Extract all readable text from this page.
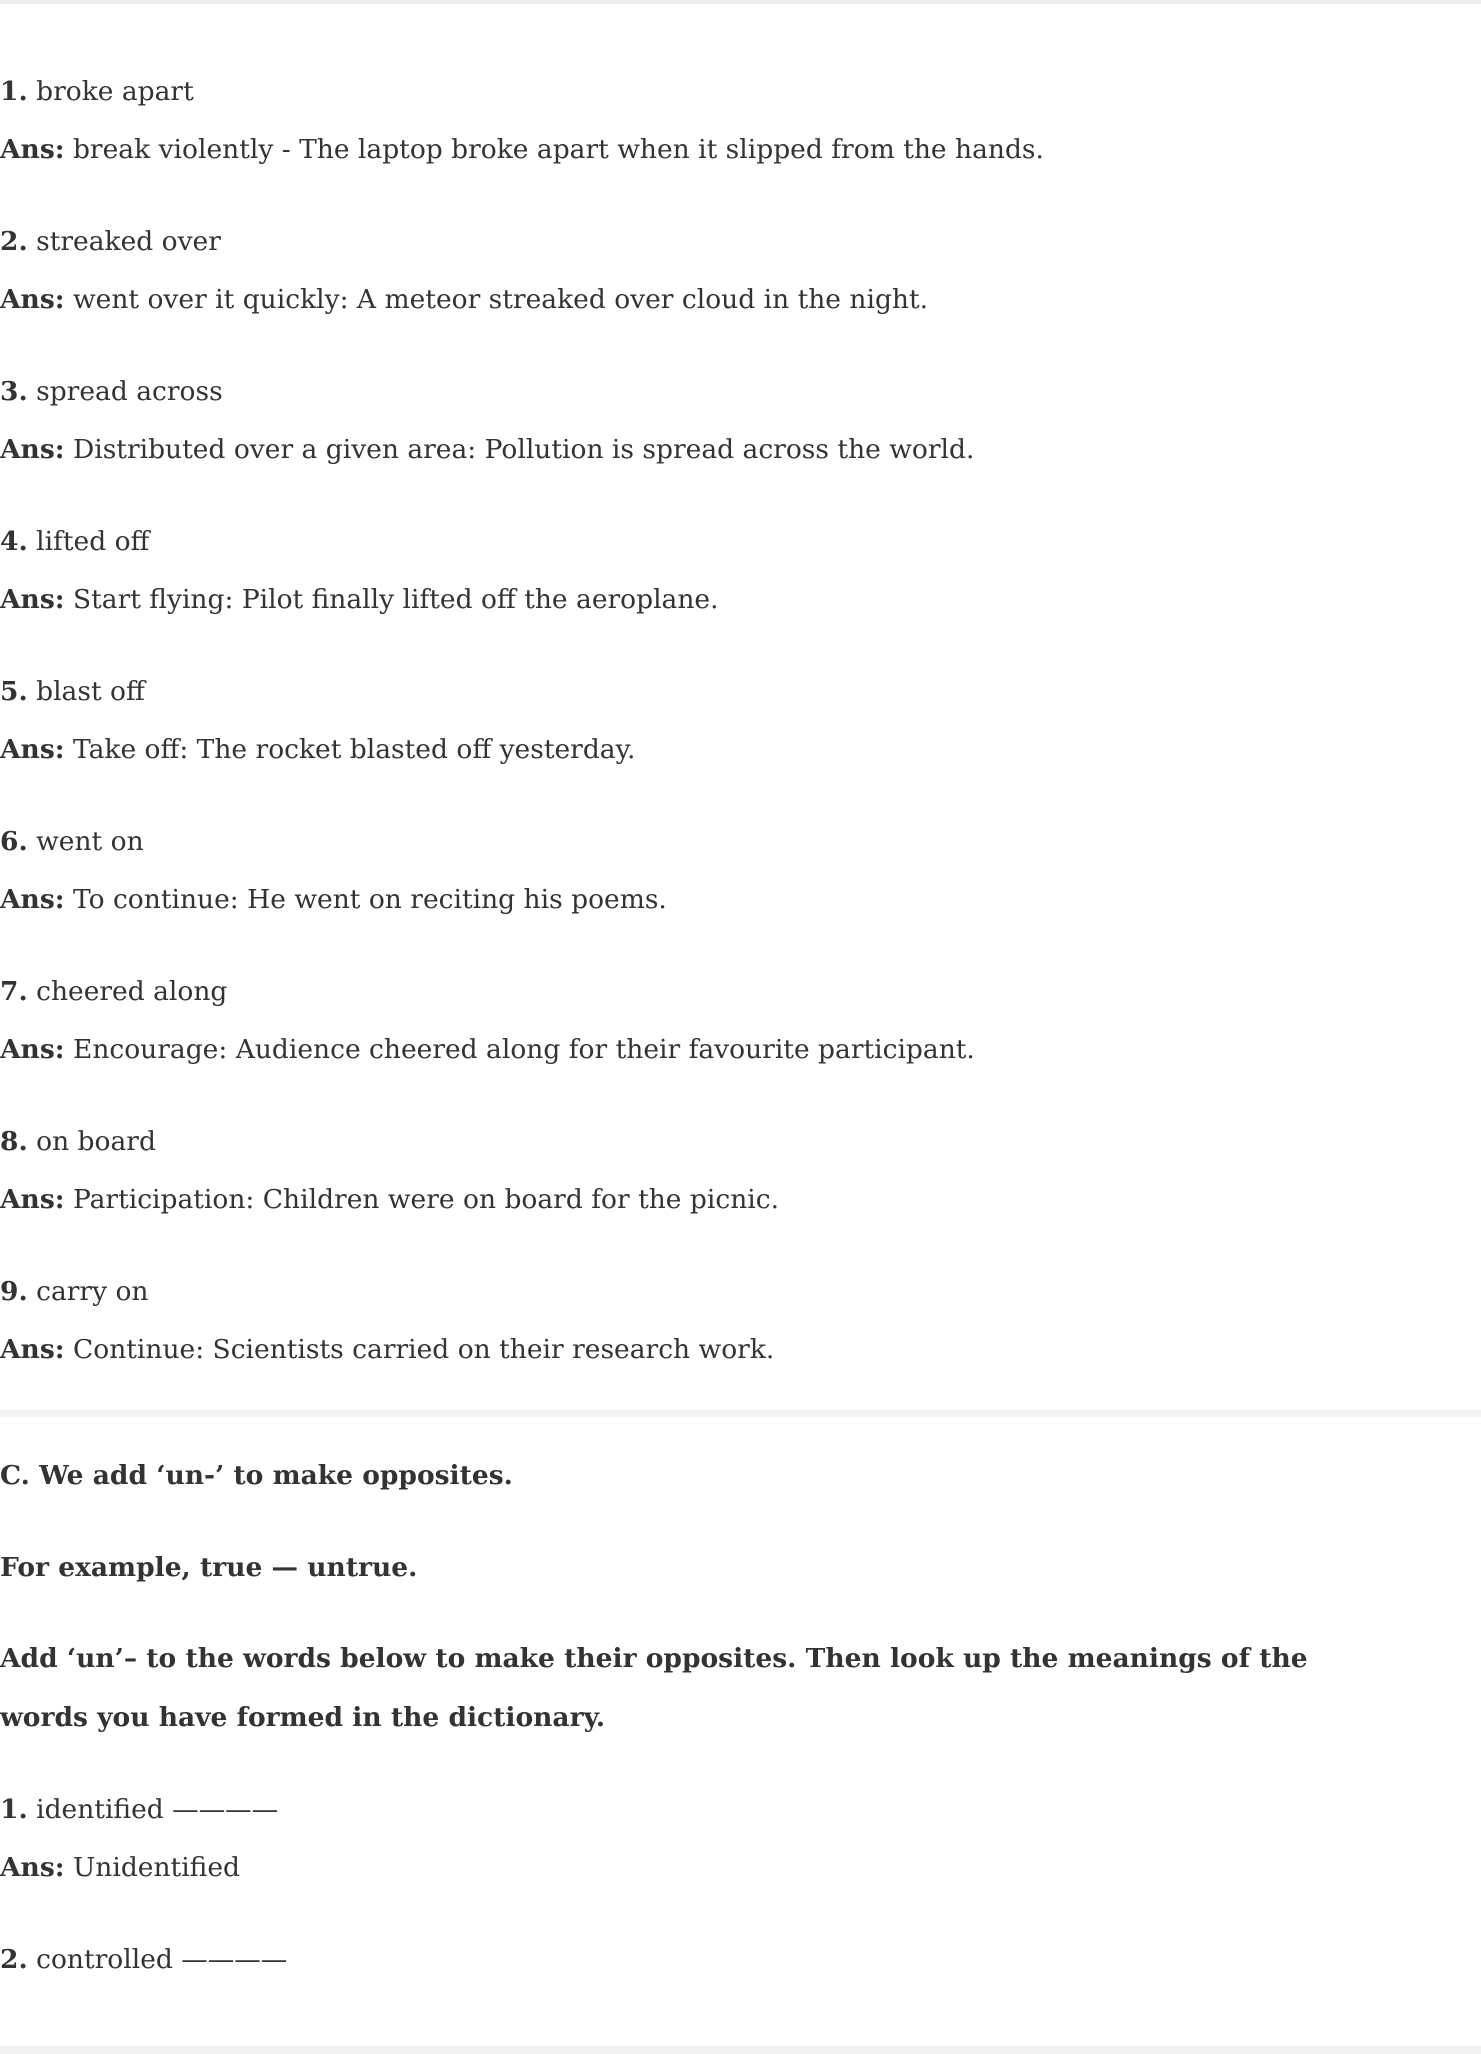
1. broke apart
Ans: break violently - The laptop broke apart when it slipped from the hands.
2. streaked over
Ans: went over it quickly: A meteor streaked over cloud in the night.
3. spread across
Ans: Distributed over a given area: Pollution is spread across the world.
4. lifted off
Ans: Start flying: Pilot finally lifted off the aeroplane.
5. blast off
Ans: Take off: The rocket blasted off yesterday.
6. went on
Ans: To continue: He went on reciting his poems.
7. cheered along
Ans: Encourage: Audience cheered along for their favourite participant.
8. on board
Ans: Participation: Children were on board for the picnic.
9. carry on
Ans: Continue: Scientists carried on their research work.
C. We add ‘un-’ to make opposites.
For example, true — untrue.
Add ‘un’– to the words below to make their opposites. Then look up the meanings of the
words you have formed in the dictionary.
1. identified ————
Ans: Unidentified
2. controlled ————
